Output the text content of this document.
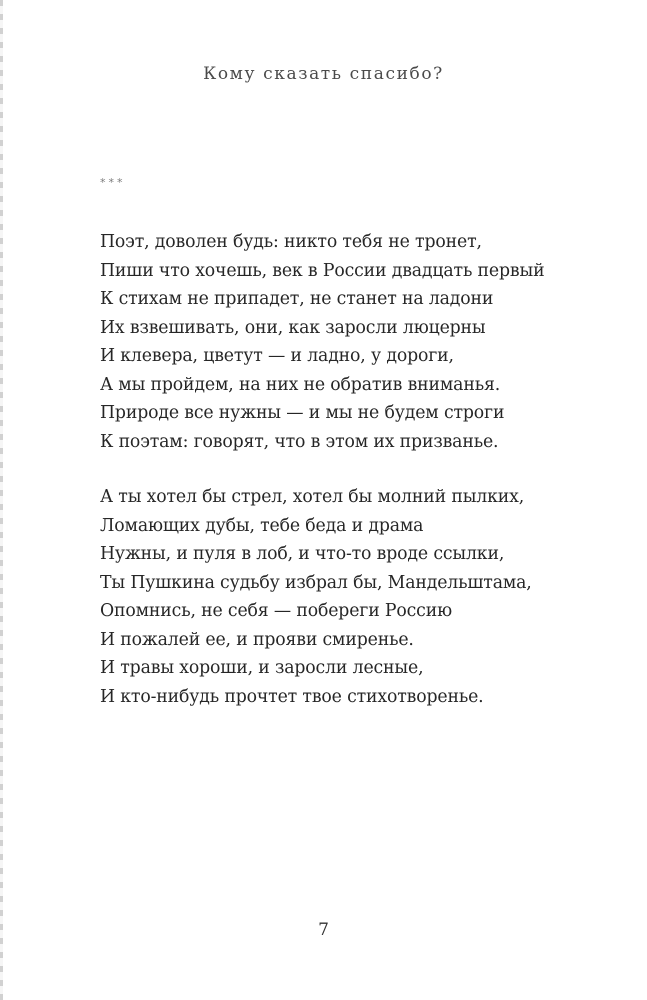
Кому сказать спасибо?
***
Поэт, доволен будь: никто тебя не тронет,
Пиши что хочешь, век в России двадцать первый
К стихам не припадет, не станет на ладони
Их взвешивать, они, как заросли люцерны
И клевера, цветут — и ладно, у дороги,
А мы пройдем, на них не обратив вниманья.
Природе все нужны — и мы не будем строги
К поэтам: говорят, что в этом их призванье.
А ты хотел бы стрел, хотел бы молний пылких,
Ломающих дубы, тебе беда и драма
Нужны, и пуля в лоб, и что-то вроде ссылки,
Ты Пушкина судьбу избрал бы, Мандельштама,
Опомнись, не себя — побереги Россию
И пожалей ее, и прояви смиренье.
И травы хороши, и заросли лесные,
И кто-нибудь прочтет твое стихотворенье.
7
